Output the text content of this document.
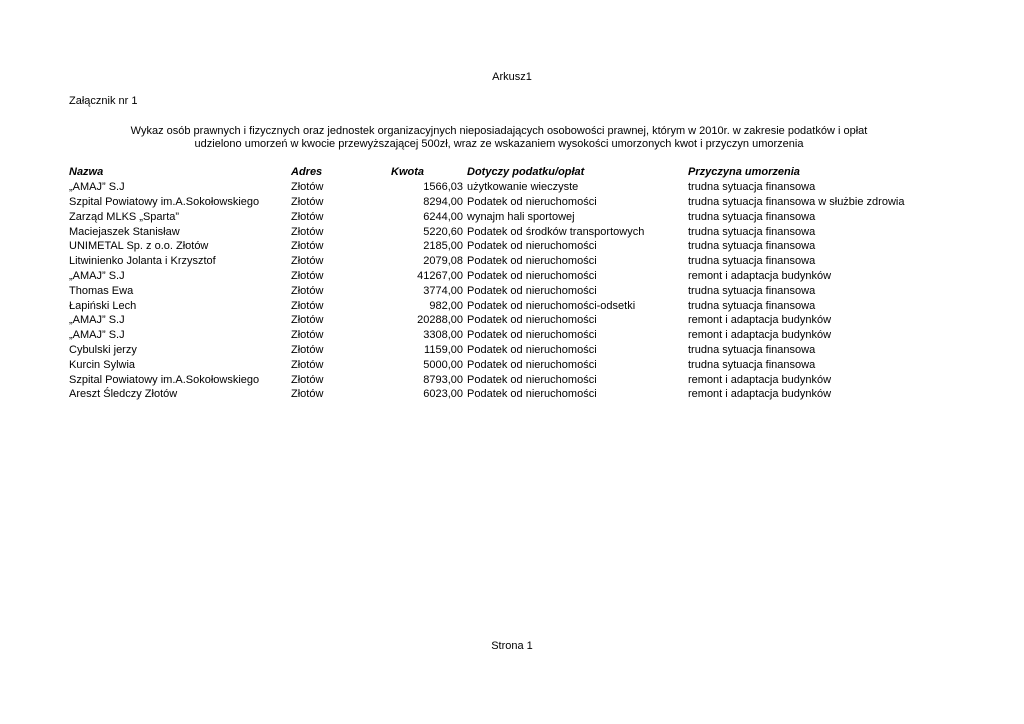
Arkusz1
Załącznik nr 1
Wykaz osób prawnych i fizycznych oraz jednostek organizacyjnych nieposiadających osobowości prawnej, którym w 2010r. w zakresie podatków i opłat
udzielono umorzeń w kwocie przewyższającej 500zł, wraz ze wskazaniem wysokości umorzonych kwot i przyczyn umorzenia
Nazwa	Adres	Kwota	Dotyczy podatku/opłat	Przyczyna umorzenia
„AMAJ” S.J	Złotów	1566,03	użytkowanie wieczyste	trudna sytuacja finansowa
Szpital Powiatowy im.A.Sokołowskiego	Złotów	8294,00	Podatek od nieruchomości	trudna sytuacja finansowa w służbie zdrowia
Zarząd MLKS „Sparta”	Złotów	6244,00	wynajm hali sportowej	trudna sytuacja finansowa
Maciejaszek Stanisław	Złotów	5220,60	Podatek od środków transportowych	trudna sytuacja finansowa
UNIMETAL Sp. z o.o. Złotów	Złotów	2185,00	Podatek od nieruchomości	trudna sytuacja finansowa
Litwinienko Jolanta i Krzysztof	Złotów	2079,08	Podatek od nieruchomości	trudna sytuacja finansowa
„AMAJ” S.J	Złotów	41267,00	Podatek od nieruchomości	remont i adaptacja budynków
Thomas Ewa	Złotów	3774,00	Podatek od nieruchomości	trudna sytuacja finansowa
Łapiński Lech	Złotów	982,00	Podatek od nieruchomości-odsetki	trudna sytuacja finansowa
„AMAJ” S.J	Złotów	20288,00	Podatek od nieruchomości	remont i adaptacja budynków
„AMAJ” S.J	Złotów	3308,00	Podatek od nieruchomości	remont i adaptacja budynków
Cybulski jerzy	Złotów	1159,00	Podatek od nieruchomości	trudna sytuacja finansowa
Kurcin Sylwia	Złotów	5000,00	Podatek od nieruchomości	trudna sytuacja finansowa
Szpital Powiatowy im.A.Sokołowskiego	Złotów	8793,00	Podatek od nieruchomości	remont i adaptacja budynków
Areszt Śledczy Złotów	Złotów	6023,00	Podatek od nieruchomości	remont i adaptacja budynków
Strona 1
